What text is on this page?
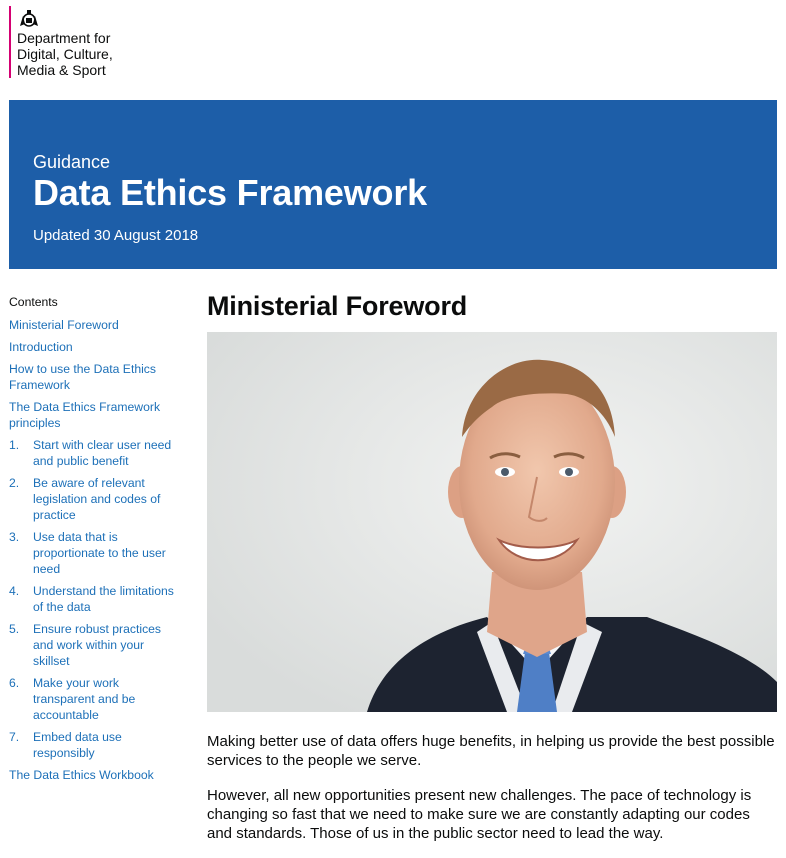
Department for
Digital, Culture,
Media & Sport
Guidance
Data Ethics Framework
Updated 30 August 2018
Contents
Ministerial Foreword
Introduction
How to use the Data Ethics Framework
The Data Ethics Framework principles
1.	Start with clear user need and public benefit
2.	Be aware of relevant legislation and codes of practice
3.	Use data that is proportionate to the user need
4.	Understand the limitations of the data
5.	Ensure robust practices and work within your skillset
6.	Make your work transparent and be accountable
7.	Embed data use responsibly
The Data Ethics Workbook
Ministerial Foreword

Making better use of data offers huge benefits, in helping us provide the best possible services to the people we serve.

However, all new opportunities present new challenges. The pace of technology is changing so fast that we need to make sure we are constantly adapting our codes and standards. Those of us in the public sector need to lead the way.
